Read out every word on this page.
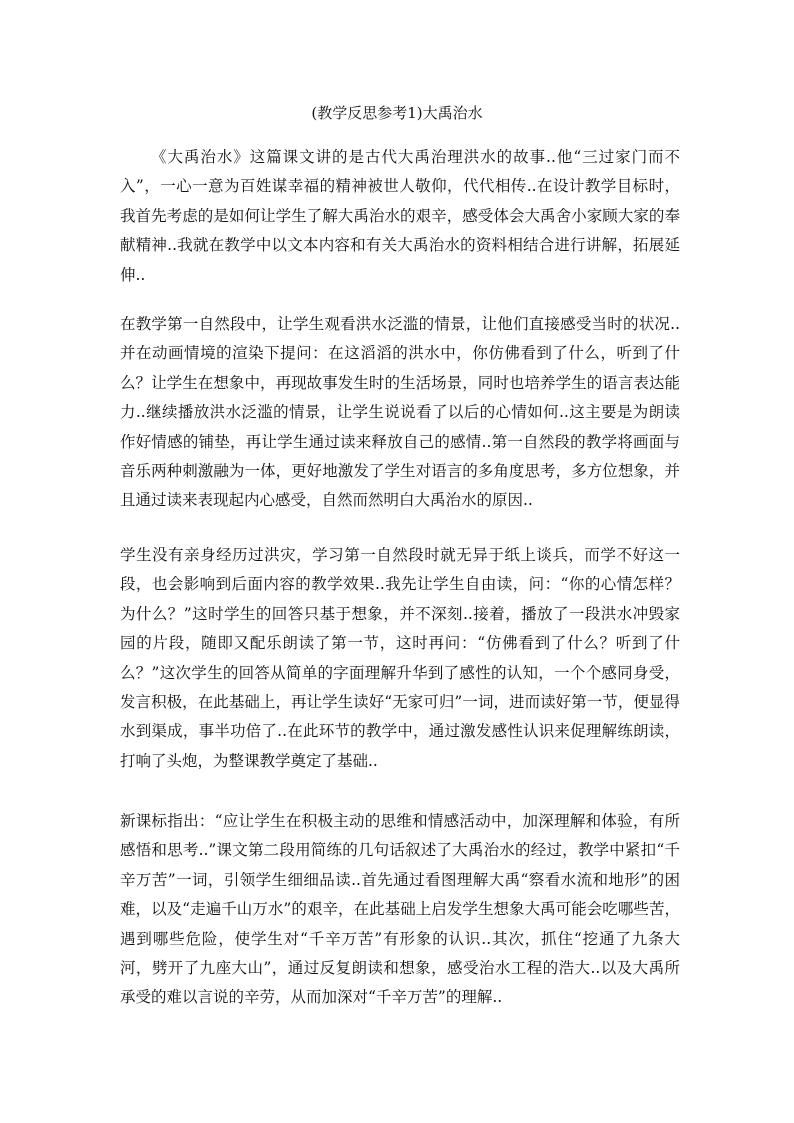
(教学反思参考1)大禹治水

《大禹治水》这篇课文讲的是古代大禹治理洪水的故事..他“三过家门而不入”，一心一意为百姓谋幸福的精神被世人敬仰，代代相传..在设计教学目标时，我首先考虑的是如何让学生了解大禹治水的艰辛，感受体会大禹舍小家顾大家的奉献精神..我就在教学中以文本内容和有关大禹治水的资料相结合进行讲解，拓展延伸..

在教学第一自然段中，让学生观看洪水泛滥的情景，让他们直接感受当时的状况..并在动画情境的渲染下提问：在这滔滔的洪水中，你仿佛看到了什么，听到了什么？让学生在想象中，再现故事发生时的生活场景，同时也培养学生的语言表达能力..继续播放洪水泛滥的情景，让学生说说看了以后的心情如何..这主要是为朗读作好情感的铺垫，再让学生通过读来释放自己的感情..第一自然段的教学将画面与音乐两种刺激融为一体，更好地激发了学生对语言的多角度思考，多方位想象，并且通过读来表现起内心感受，自然而然明白大禹治水的原因..

学生没有亲身经历过洪灾，学习第一自然段时就无异于纸上谈兵，而学不好这一段，也会影响到后面内容的教学效果..我先让学生自由读，问：“你的心情怎样？为什么？”这时学生的回答只基于想象，并不深刻..接着，播放了一段洪水冲毁家园的片段，随即又配乐朗读了第一节，这时再问：“仿佛看到了什么？听到了什么？”这次学生的回答从简单的字面理解升华到了感性的认知，一个个感同身受，发言积极，在此基础上，再让学生读好“无家可归”一词，进而读好第一节，便显得水到渠成，事半功倍了..在此环节的教学中，通过激发感性认识来促理解练朗读，打响了头炮，为整课教学奠定了基础..

新课标指出：“应让学生在积极主动的思维和情感活动中，加深理解和体验，有所感悟和思考..”课文第二段用简练的几句话叙述了大禹治水的经过，教学中紧扣“千辛万苦”一词，引领学生细细品读..首先通过看图理解大禹“察看水流和地形”的困难，以及“走遍千山万水”的艰辛，在此基础上启发学生想象大禹可能会吃哪些苦，遇到哪些危险，使学生对“千辛万苦”有形象的认识..其次，抓住“挖通了九条大河，劈开了九座大山”，通过反复朗读和想象，感受治水工程的浩大..以及大禹所承受的难以言说的辛劳，从而加深对“千辛万苦”的理解..
